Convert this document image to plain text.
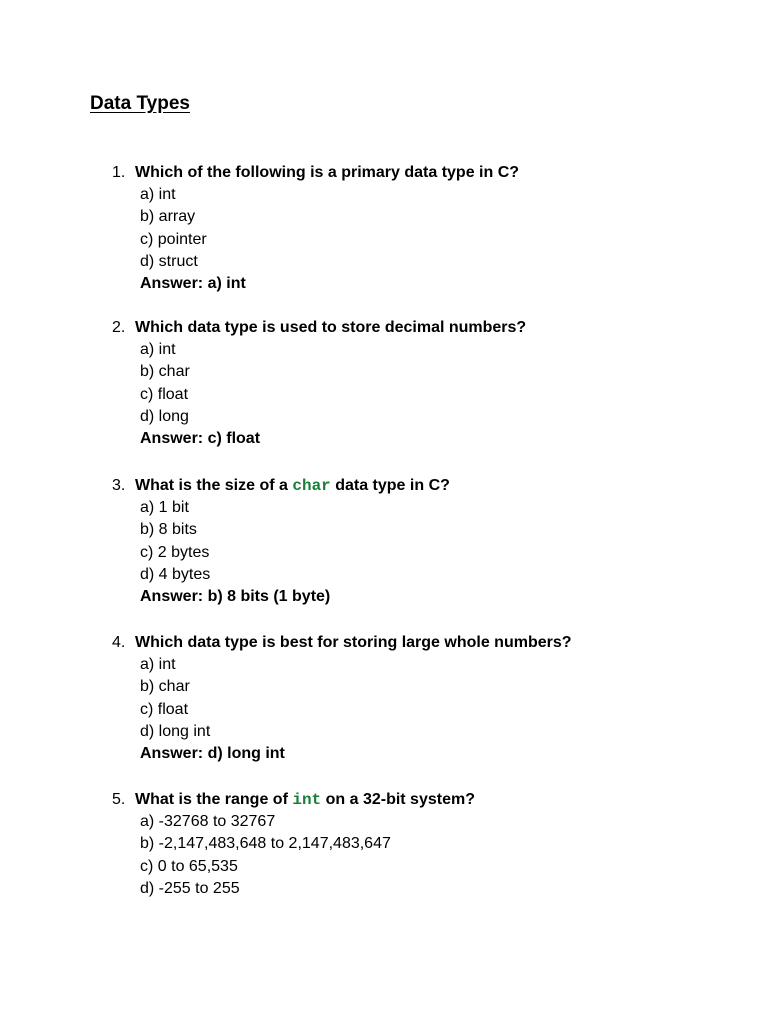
Data Types
1. Which of the following is a primary data type in C?
a) int
b) array
c) pointer
d) struct
Answer: a) int
2. Which data type is used to store decimal numbers?
a) int
b) char
c) float
d) long
Answer: c) float
3. What is the size of a char data type in C?
a) 1 bit
b) 8 bits
c) 2 bytes
d) 4 bytes
Answer: b) 8 bits (1 byte)
4. Which data type is best for storing large whole numbers?
a) int
b) char
c) float
d) long int
Answer: d) long int
5. What is the range of int on a 32-bit system?
a) -32768 to 32767
b) -2,147,483,648 to 2,147,483,647
c) 0 to 65,535
d) -255 to 255
